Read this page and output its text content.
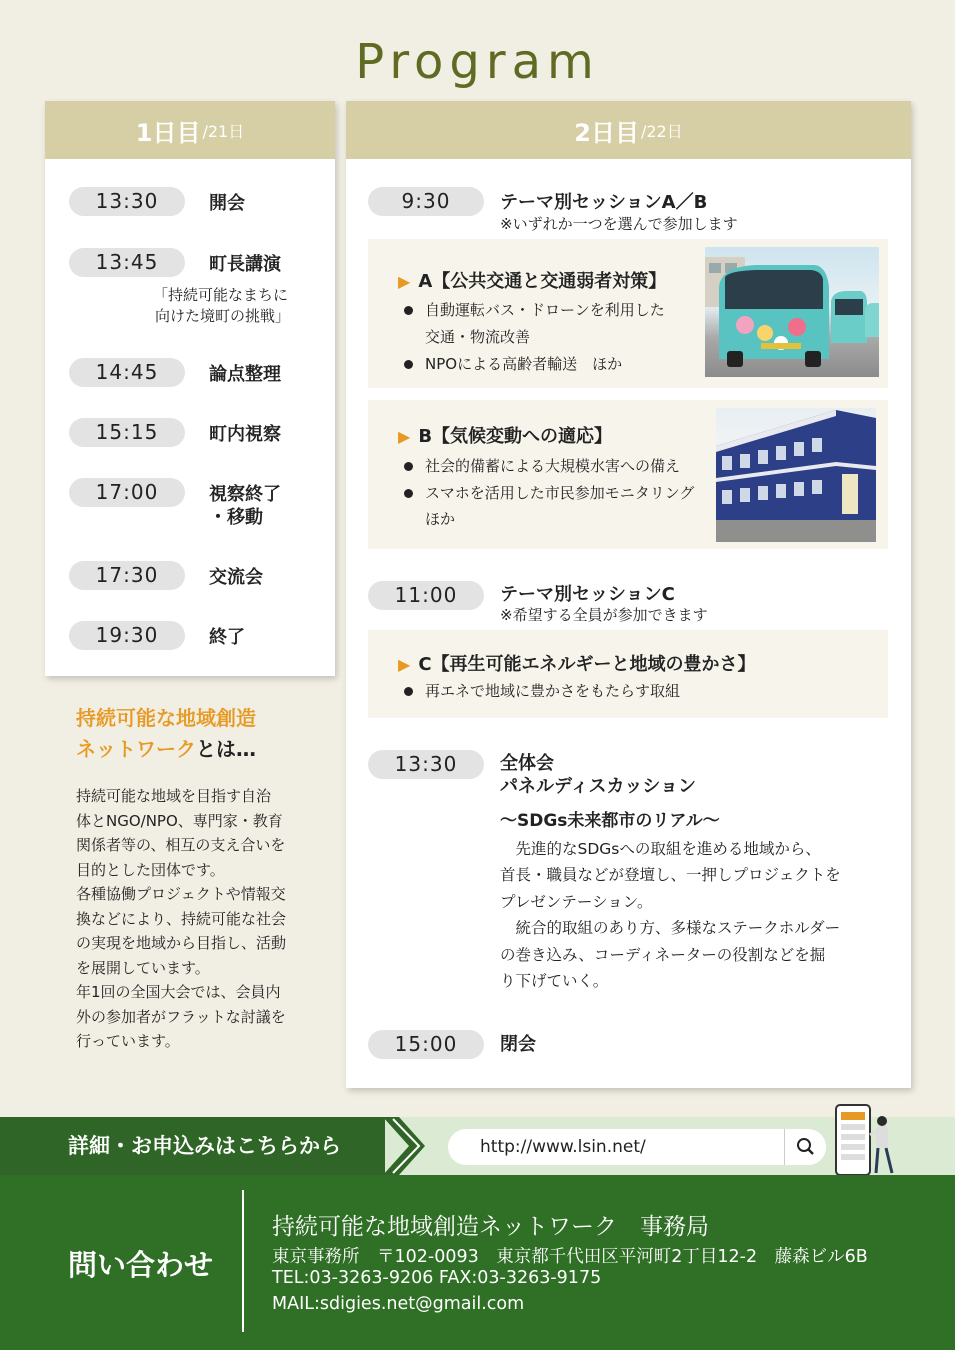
Program
1日目 /21日
13:30	開会
13:45	町長講演
「持続可能なまちに
向けた境町の挑戦」
14:45	論点整理
15:15	町内視察
17:00	視察終了
・移動
17:30	交流会
19:30	終了
持続可能な地域創造
ネットワークとは…
持続可能な地域を目指す自治
体とNGO/NPO、専門家・教育
関係者等の、相互の支え合いを
目的とした団体です。
各種協働プロジェクトや情報交
換などにより、持続可能な社会
の実現を地域から目指し、活動
を展開しています。
年1回の全国大会では、会員内
外の参加者がフラットな討議を
行っています。
2日目 /22日
9:30	テーマ別セッションA／B
※いずれか一つを選んで参加します
▶ A【公共交通と交通弱者対策】
自動運転バス・ドローンを利用した
交通・物流改善
NPOによる高齢者輸送　ほか
▶ B【気候変動への適応】
社会的備蓄による大規模水害への備え
スマホを活用した市民参加モニタリング
ほか
11:00	テーマ別セッションC
※希望する全員が参加できます
▶ C【再生可能エネルギーと地域の豊かさ】
再エネで地域に豊かさをもたらす取組
13:30	全体会
パネルディスカッション
～SDGs未来都市のリアル～
　先進的なSDGsへの取組を進める地域から、
首長・職員などが登壇し、一押しプロジェクトを
プレゼンテーション。
　統合的取組のあり方、多様なステークホルダー
の巻き込み、コーディネーターの役割などを掘
り下げていく。
15:00	閉会
詳細・お申込みはこちらから	http://www.lsin.net/
問い合わせ
持続可能な地域創造ネットワーク　事務局
東京事務所　〒102-0093　東京都千代田区平河町2丁目12-2　藤森ビル6B
TEL:03-3263-9206 FAX:03-3263-9175
MAIL:sdigies.net@gmail.com
